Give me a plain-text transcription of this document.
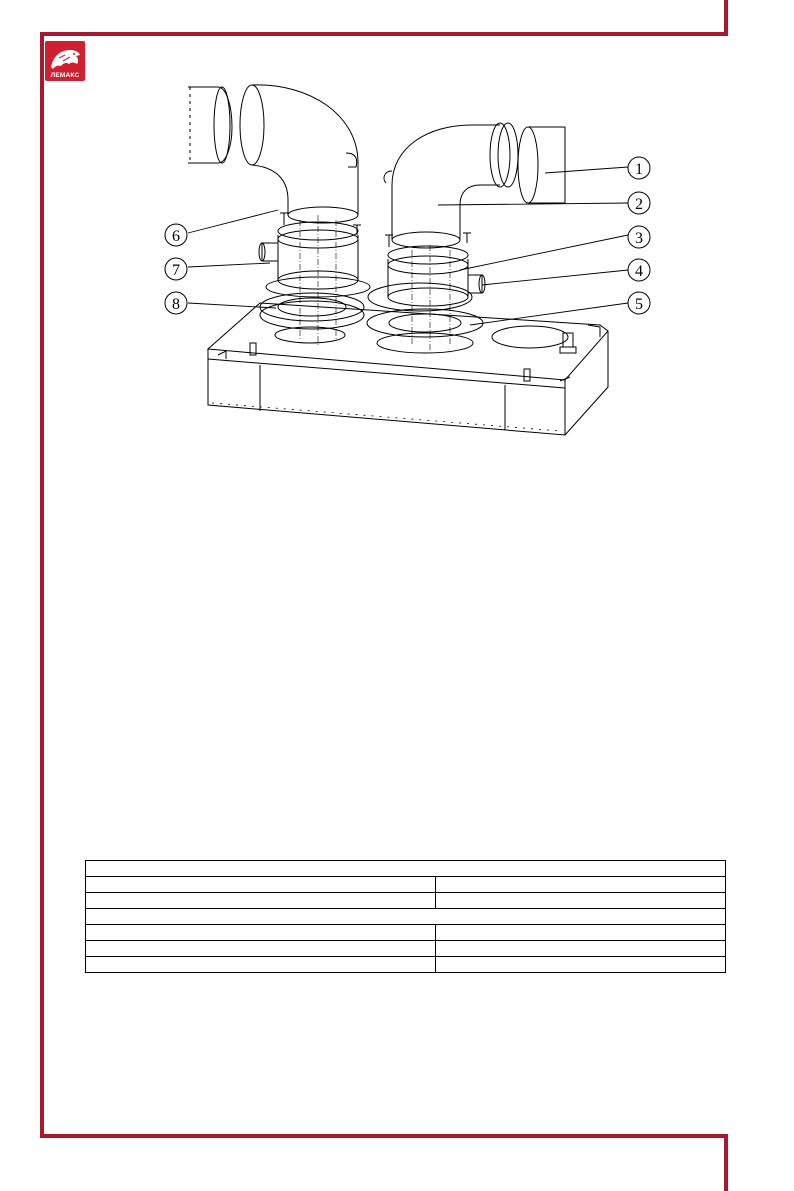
ЛЕМАКС
1
2
3
4
5
6
7
8
